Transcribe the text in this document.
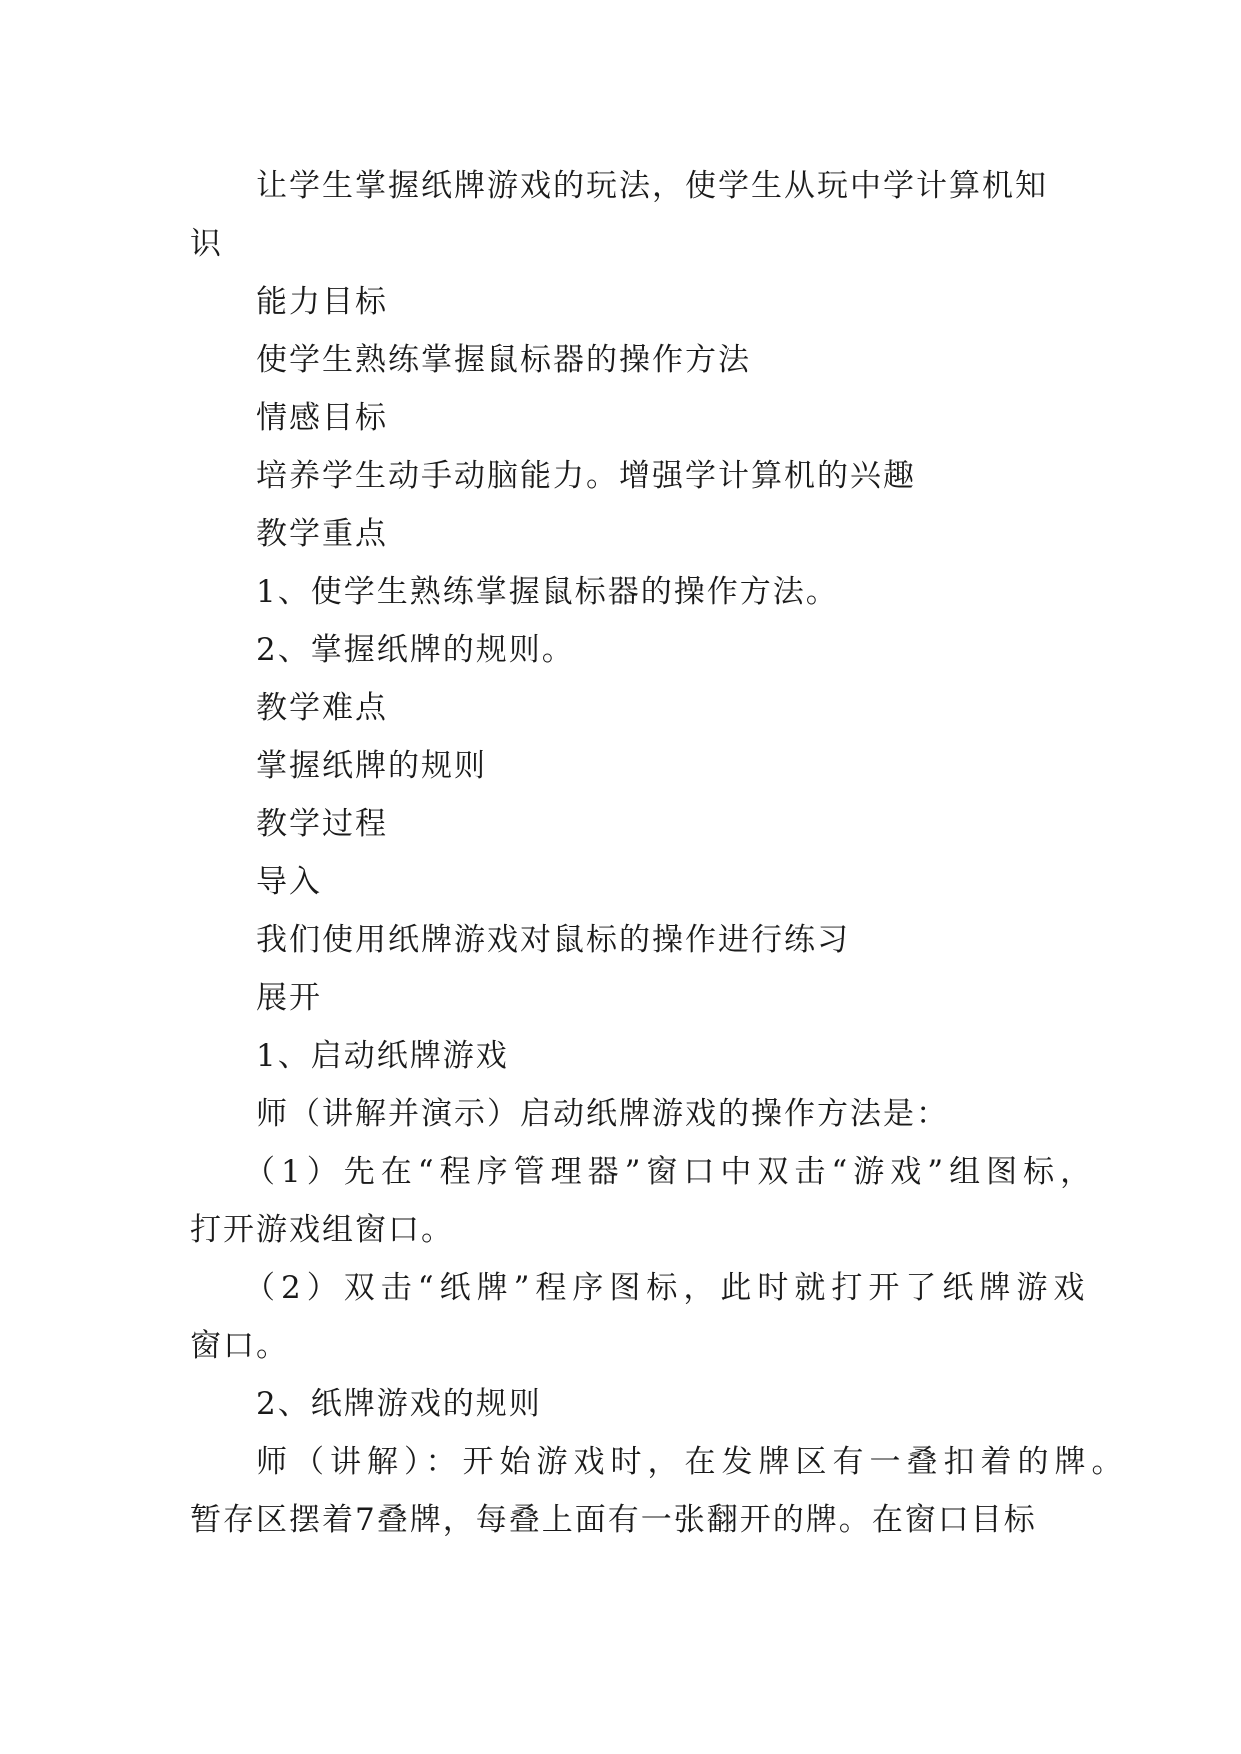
让学生掌握纸牌游戏的玩法，使学生从玩中学计算机知
识
能力目标
使学生熟练掌握鼠标器的操作方法
情感目标
培养学生动手动脑能力。增强学计算机的兴趣
教学重点
1、使学生熟练掌握鼠标器的操作方法。
2、掌握纸牌的规则。
教学难点
掌握纸牌的规则
教学过程
导入
我们使用纸牌游戏对鼠标的操作进行练习
展开
1、启动纸牌游戏
师（讲解并演示）启动纸牌游戏的操作方法是：
（1）先在“程序管理器”窗口中双击“游戏”组图标，
打开游戏组窗口。
（2）双击“纸牌”程序图标，此时就打开了纸牌游戏
窗口。
2、纸牌游戏的规则
师（讲解）：开始游戏时，在发牌区有一叠扣着的牌。
暂存区摆着7叠牌，每叠上面有一张翻开的牌。在窗口目标
